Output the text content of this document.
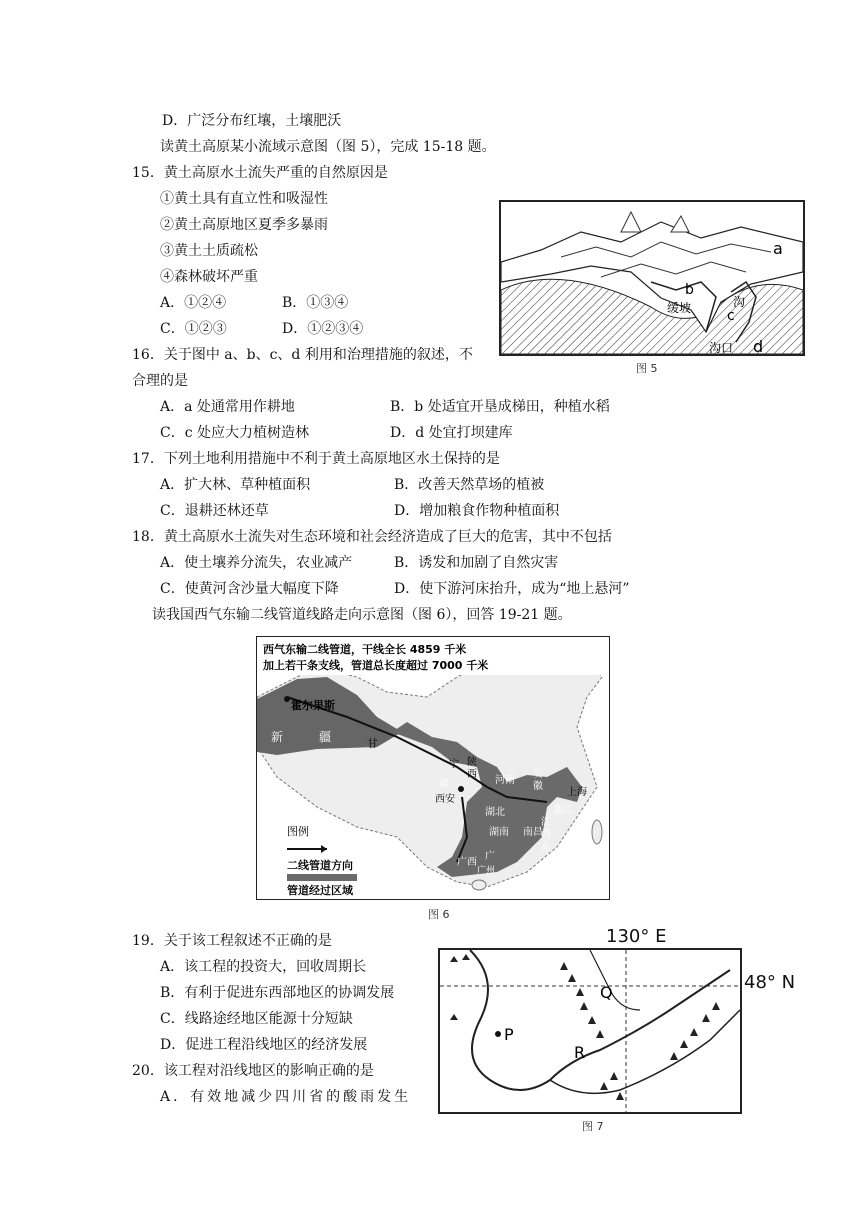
D．广泛分布红壤，土壤肥沃
读黄土高原某小流域示意图（图 5），完成 15-18 题。
15．黄土高原水土流失严重的自然原因是
①黄土具有直立性和吸湿性
②黄土高原地区夏季多暴雨
③黄土土质疏松
④森林破坏严重
A．①②④	B．①③④
C．①②③	D．①②③④
a
b
缓坡	沟
c
沟口 d
图 5
16．关于图中 a、b、c、d 利用和治理措施的叙述，不
合理的是
A．a 处通常用作耕地	B．b 处适宜开垦成梯田，种植水稻
C．c 处应大力植树造林	D．d 处宜打坝建库
17．下列土地利用措施中不利于黄土高原地区水土保持的是
A．扩大林、草种植面积	B．改善天然草场的植被
C．退耕还林还草	D．增加粮食作物种植面积
18．黄土高原水土流失对生态环境和社会经济造成了巨大的危害，其中不包括
A．使土壤养分流失，农业减产	B．诱发和加剧了自然灾害
C．使黄河含沙量大幅度下降	D．使下游河床抬升，成为“地上悬河”
读我国西气东输二线管道线路走向示意图（图 6），回答 19-21 题。
西气东输二线管道，干线全长 4859 千米
加上若干条支线，管道总长度超过 7000 千米
霍尔果斯
新	疆	甘
宁 陕
西
肃
西安
河南
安
徽
湖北
湖南
江
西
南昌
浙江
上海
广西
广
广州
东
图例
二线管道方向
管道经过区域
图 6
19．关于该工程叙述不正确的是
A．该工程的投资大，回收周期长
B．有利于促进东西部地区的协调发展
C．线路途经地区能源十分短缺
D．促进工程沿线地区的经济发展
20．该工程对沿线地区的影响正确的是
A．有效地减少四川省的酸雨发生
130° E
48° N
P
Q
R
图 7
